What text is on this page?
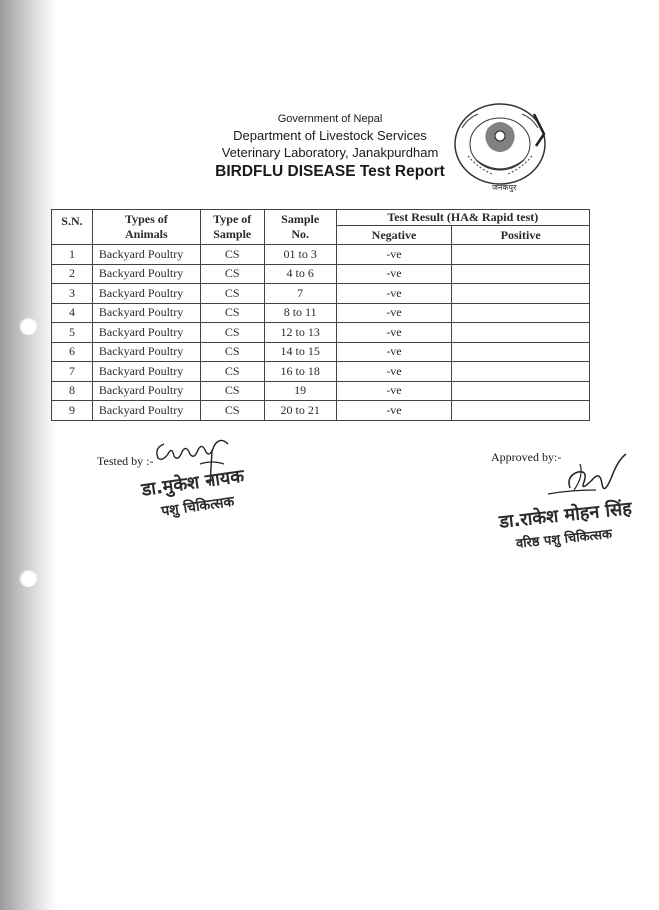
Government of Nepal
Department of Livestock Services
Veterinary Laboratory, Janakpurdham
BIRDFLU DISEASE Test Report
जनकपुर
S.N.	Types of Animals	Type of Sample	Sample No.	Test Result (HA& Rapid test)	
				Negative	Positive
1	Backyard Poultry	CS	01 to 3	-ve	
2	Backyard Poultry	CS	4 to 6	-ve	
3	Backyard Poultry	CS	7	-ve	
4	Backyard Poultry	CS	8 to 11	-ve	
5	Backyard Poultry	CS	12 to 13	-ve	
6	Backyard Poultry	CS	14 to 15	-ve	
7	Backyard Poultry	CS	16 to 18	-ve	
8	Backyard Poultry	CS	19	-ve	
9	Backyard Poultry	CS	20 to 21	-ve	
Tested by :-
डा.मुकेश नायक
पशु चिकित्सक
Approved by:-
डा.राकेश मोहन सिंह
वरिष्ठ पशु चिकित्सक
